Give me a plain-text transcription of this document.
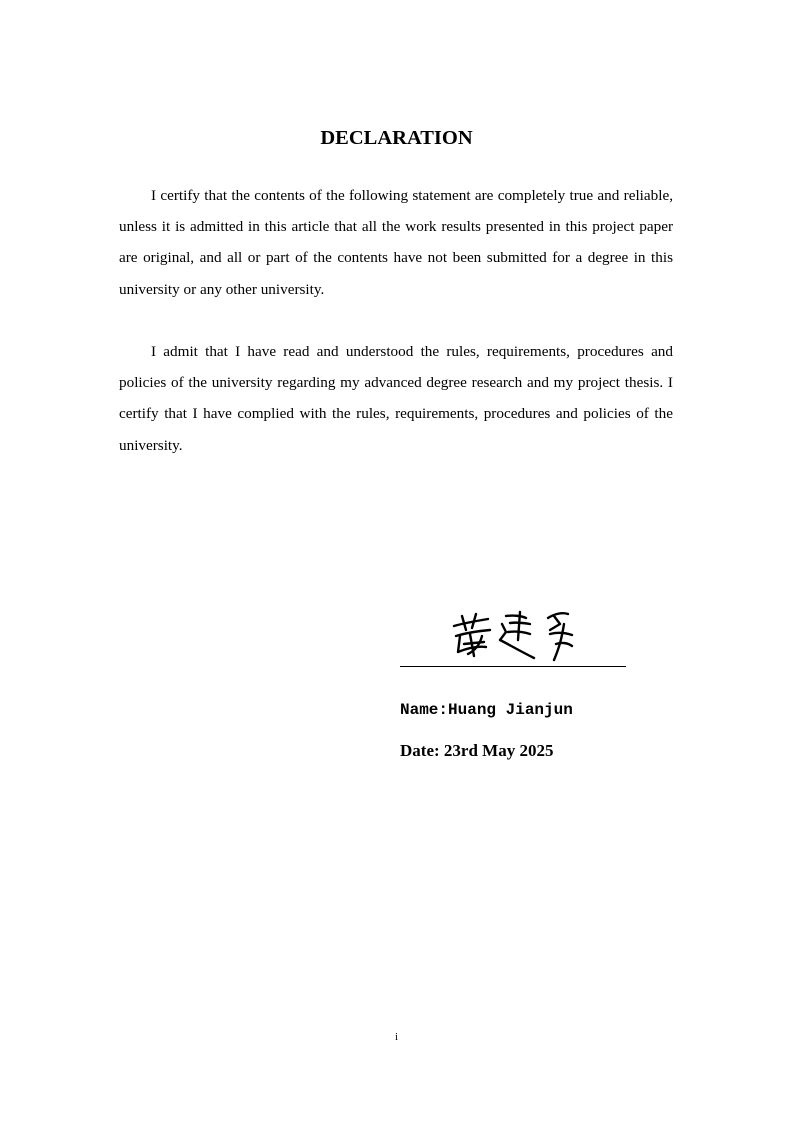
DECLARATION

I certify that the contents of the following statement are completely true and reliable, unless it is admitted in this article that all the work results presented in this project paper are original, and all or part of the contents have not been submitted for a degree in this university or any other university.

I admit that I have read and understood the rules, requirements, procedures and policies of the university regarding my advanced degree research and my project thesis. I certify that I have complied with the rules, requirements, procedures and policies of the university.

Name:Huang Jianjun

Date: 23rd May 2025

i
